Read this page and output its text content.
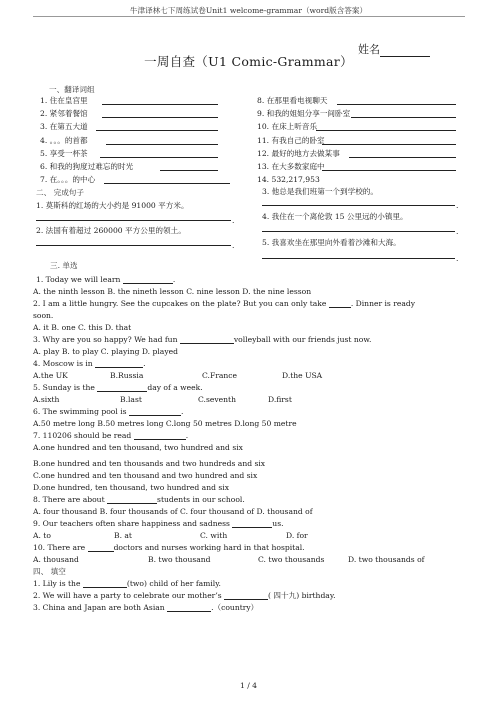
牛津译林七下周练试卷Unit1 welcome-grammar（word版含答案）
姓名
一周自查（U1 Comic-Grammar）
一、翻译词组
1. 住在皇宫里
2. 紧邻着餐馆
3. 在第五大道
4. 。。。的首都
5. 享受一杯茶
6. 和我的狗度过难忘的时光
7. 在。。。的中心
8. 在那里看电视聊天
9. 和我的姐姐分享一间卧室
10. 在床上听音乐
11. 有我自己的卧室
12. 最好的地方去做某事
13. 在大多数家庭中
14. 532,217,953
二、 完成句子
1. 莫斯科的红场的大小约是 91000 平方米。
.
2. 法国有着超过 260000 平方公里的领土。
.
3. 他总是我们班第一个到学校的。
.
4. 我住在一个离伦敦 15 公里远的小镇里。
.
5. 我喜欢坐在那里向外看着沙滩和大海。
.
三. 单选
1. Today we will learn	.
A. the ninth lesson B. the nineth lesson C. nine lesson D. the nine lesson
2. I am a little hungry. See the cupcakes on the plate? But you can only take	. Dinner is ready
soon.
A. it B. one C. this D. that
3. Why are you so happy? We had fun	volleyball with our friends just now.
A. play B. to play C. playing D. played
4. Moscow is in	.
A.the UK	B.Russia	C.France	D.the USA
5. Sunday is the	day of a week.
A.sixth	B.last	C.seventh	D.first
6. The swimming pool is	.
A.50 metre long B.50 metres long C.long 50 metres D.long 50 metre
7. 110206 should be read	.
A.one hundred and ten thousand, two hundred and six
B.one hundred and ten thousands and two hundreds and six
C.one hundred and ten thousand and two hundred and six
D.one hundred, ten thousand, two hundred and six
8. There are about	students in our school.
A. four thousand B. four thousands of C. four thousand of D. thousand of
9. Our teachers often share happiness and sadness	us.
A. to	B. at	C. with	D. for
10. There are	doctors and nurses working hard in that hospital.
A. thousand	B. two thousand	C. two thousands	D. two thousands of
四、 填空
1. Lily is the	(two) child of her family.
2. We will have a party to celebrate our mother’s	( 四十九) birthday.
3. China and Japan are both Asian	.（country）
1 / 4
